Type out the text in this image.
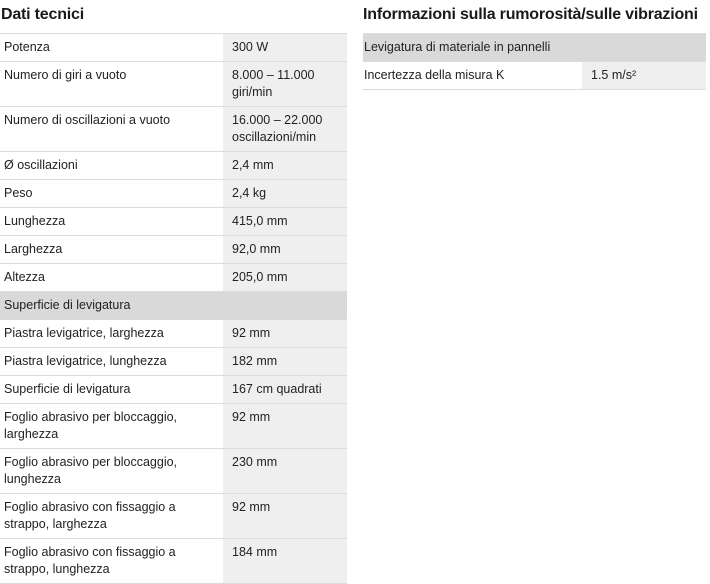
Dati tecnici
Potenza	300 W
Numero di giri a vuoto	8.000 – 11.000 giri/min
Numero di oscillazioni a vuoto	16.000 – 22.000 oscillazioni/min
Ø oscillazioni	2,4 mm
Peso	2,4 kg
Lunghezza	415,0 mm
Larghezza	92,0 mm
Altezza	205,0 mm
Superficie di levigatura	
Piastra levigatrice, larghezza	92 mm
Piastra levigatrice, lunghezza	182 mm
Superficie di levigatura	167 cm quadrati
Foglio abrasivo per bloccaggio, larghezza	92 mm
Foglio abrasivo per bloccaggio, lunghezza	230 mm
Foglio abrasivo con fissaggio a strappo, larghezza	92 mm
Foglio abrasivo con fissaggio a strappo, lunghezza	184 mm
Informazioni sulla rumorosità/sulle vibrazioni
Levigatura di materiale in pannelli
Incertezza della misura K	1.5 m/s²
